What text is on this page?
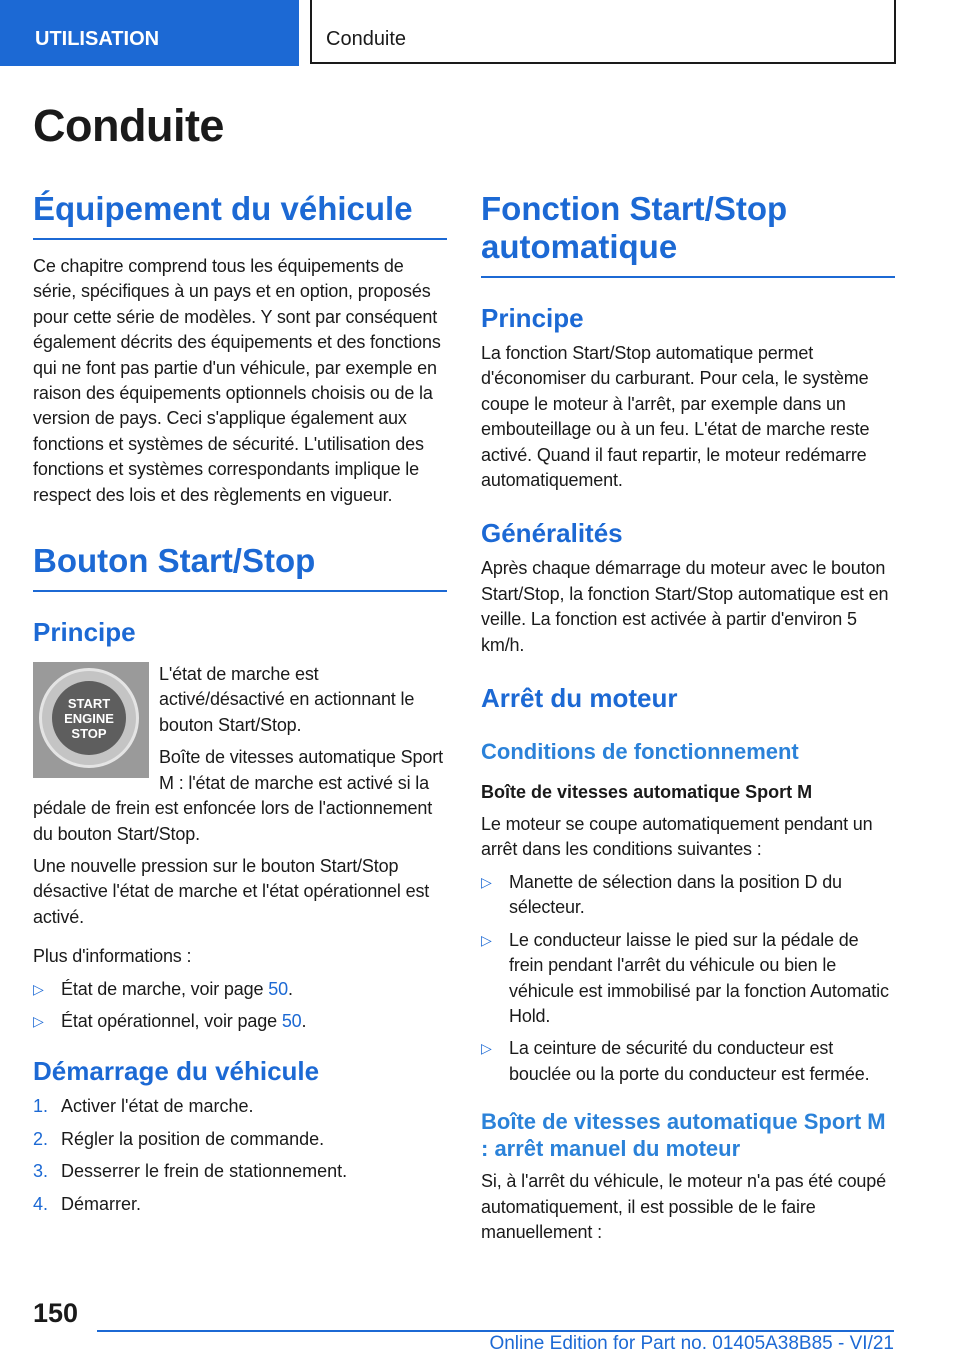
UTILISATION	Conduite
Conduite
Équipement du véhicule

Ce chapitre comprend tous les équipements de série, spécifiques à un pays et en option, proposés pour cette série de modèles. Y sont par conséquent également décrits des équipements et des fonctions qui ne font pas partie d'un véhicule, par exemple en raison des équipements optionnels choisis ou de la version de pays. Ceci s'applique également aux fonctions et systèmes de sécurité. L'utilisation des fonctions et systèmes correspondants implique le respect des lois et des règlements en vigueur.

Bouton Start/Stop
Principe
START
ENGINE
STOP

L'état de marche est activé/désactivé en actionnant le bouton Start/Stop.

Boîte de vitesses automatique Sport M : l'état de marche est activé si la pédale de frein est enfoncée lors de l'actionnement du bouton Start/Stop.

Une nouvelle pression sur le bouton Start/Stop désactive l'état de marche et l'état opérationnel est activé.

Plus d'informations :

▷ État de marche, voir page 50.
▷ État opérationnel, voir page 50.
Démarrage du véhicule
1. Activer l'état de marche.
2. Régler la position de commande.
3. Desserrer le frein de stationnement.
4. Démarrer.
Fonction Start/Stop automatique
Principe

La fonction Start/Stop automatique permet d'économiser du carburant. Pour cela, le système coupe le moteur à l'arrêt, par exemple dans un embouteillage ou à un feu. L'état de marche reste activé. Quand il faut repartir, le moteur redémarre automatiquement.

Généralités

Après chaque démarrage du moteur avec le bouton Start/Stop, la fonction Start/Stop automatique est en veille. La fonction est activée à partir d'environ 5 km/h.

Arrêt du moteur
Conditions de fonctionnement
Boîte de vitesses automatique Sport M

Le moteur se coupe automatiquement pendant un arrêt dans les conditions suivantes :

▷ Manette de sélection dans la position D du sélecteur.
▷ Le conducteur laisse le pied sur la pédale de frein pendant l'arrêt du véhicule ou bien le véhicule est immobilisé par la fonction Automatic Hold.
▷ La ceinture de sécurité du conducteur est bouclée ou la porte du conducteur est fermée.
Boîte de vitesses automatique Sport M : arrêt manuel du moteur

Si, à l'arrêt du véhicule, le moteur n'a pas été coupé automatiquement, il est possible de le faire manuellement :

150
Online Edition for Part no. 01405A38B85 - VI/21
